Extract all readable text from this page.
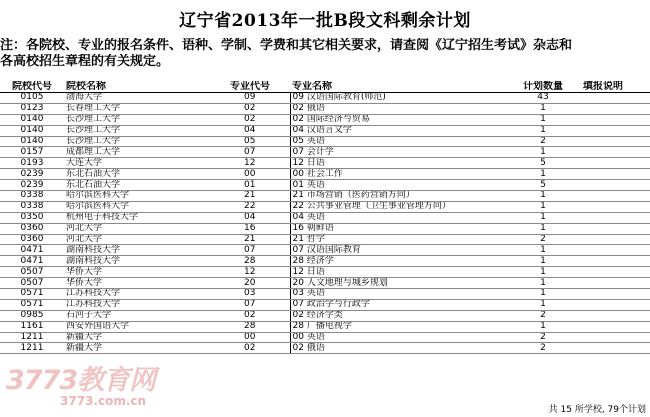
辽宁省2013年一批B段文科剩余计划
注：各院校、专业的报名条件、语种、学制、学费和其它相关要求，请查阅《辽宁招生考试》杂志和
各高校招生章程的有关规定。
院校代号	院校名称	专业代号	专业名称	计划数量	填报说明
0105	渤海大学	09	09 汉语国际教育(师范)	43	
0123	长春理工大学	02	02 俄语	1	
0140	长沙理工大学	02	02 国际经济与贸易	1	
0140	长沙理工大学	04	04 汉语言文学	1	
0140	长沙理工大学	05	05 英语	2	
0157	成都理工大学	07	07 会计学	1	
0193	大连大学	12	12 日语	5	
0239	东北石油大学	00	00 社会工作	1	
0239	东北石油大学	01	01 英语	5	
0338	哈尔滨医科大学	21	21 市场营销（医药营销方向）	1	
0338	哈尔滨医科大学	22	22 公共事业管理（卫生事业管理方向）	1	
0350	杭州电子科技大学	04	04 英语	1	
0360	河北大学	16	16 朝鲜语	1	
0360	河北大学	21	21 哲学	2	
0471	湖南科技大学	07	07 汉语国际教育	1	
0471	湖南科技大学	28	28 经济学	1	
0507	华侨大学	12	12 日语	1	
0507	华侨大学	20	20 人文地理与城乡规划	1	
0571	江苏科技大学	03	03 英语	1	
0571	江苏科技大学	07	07 政治学与行政学	1	
0985	石河子大学	02	02 经济学类	2	
1161	西安外国语大学	28	28 广播电视学	1	
1211	新疆大学	00	00 英语	2	
1211	新疆大学	02	02 俄语	2	
3773教育网
3773.com.cn
共 15 所学校, 79个计划
